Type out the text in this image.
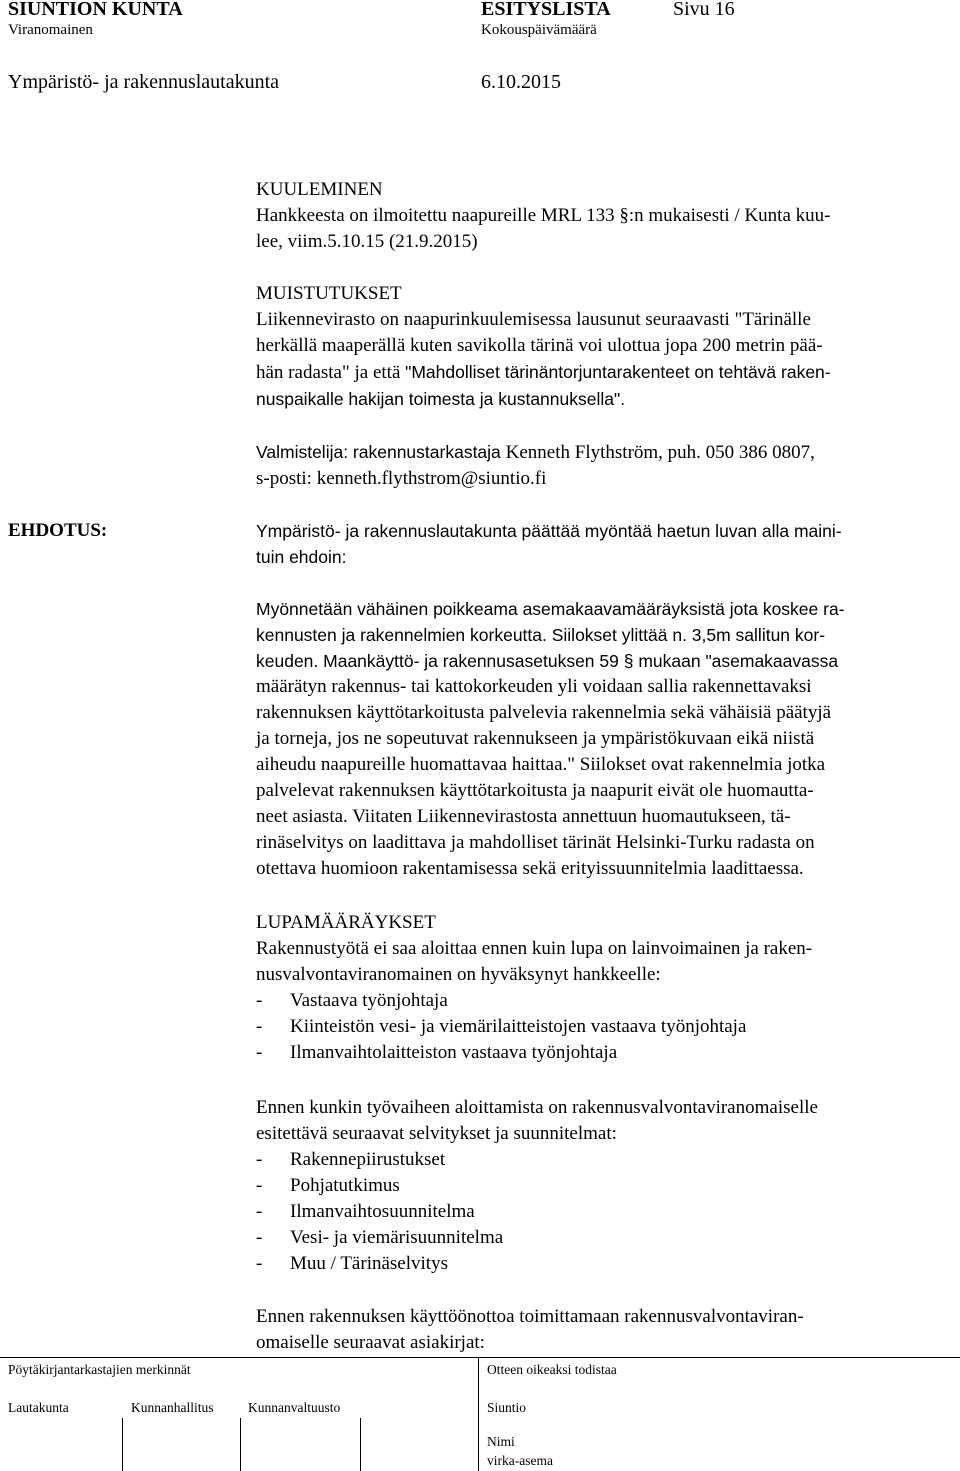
SIUNTION KUNTA	ESITYSLISTA	Sivu 16
Viranomainen	Kokouspäivämäärä
Ympäristö- ja rakennuslautakunta	6.10.2015
KUULEMINEN
Hankkeesta on ilmoitettu naapureille MRL 133 §:n mukaisesti / Kunta kuu-
lee, viim.5.10.15 (21.9.2015)
MUISTUTUKSET
Liikennevirasto on naapurinkuulemisessa lausunut seuraavasti "Tärinälle
herkällä maaperällä kuten savikolla tärinä voi ulottua jopa 200 metrin pää-
hän radasta" ja että "Mahdolliset tärinäntorjuntarakenteet on tehtävä raken-
nuspaikalle hakijan toimesta ja kustannuksella".
Valmistelija: rakennustarkastaja Kenneth Flythström, puh. 050 386 0807,
s-posti: kenneth.flythstrom@siuntio.fi
EHDOTUS:	Ympäristö- ja rakennuslautakunta päättää myöntää haetun luvan alla maini-
tuin ehdoin:
Myönnetään vähäinen poikkeama asemakaavamääräyksistä jota koskee ra-
kennusten ja rakennelmien korkeutta. Siilokset ylittää n. 3,5m sallitun kor-
keuden. Maankäyttö- ja rakennusasetuksen 59 § mukaan "asemakaavassa
määrätyn rakennus- tai kattokorkeuden yli voidaan sallia rakennettavaksi
rakennuksen käyttötarkoitusta palvelevia rakennelmia sekä vähäisiä päätyjä
ja torneja, jos ne sopeutuvat rakennukseen ja ympäristökuvaan eikä niistä
aiheudu naapureille huomattavaa haittaa." Siilokset ovat rakennelmia jotka
palvelevat rakennuksen käyttötarkoitusta ja naapurit eivät ole huomautta-
neet asiasta. Viitaten Liikennevirastosta annettuun huomautukseen, tä-
rinäselvitys on laadittava ja mahdolliset tärinät Helsinki-Turku radasta on
otettava huomioon rakentamisessa sekä erityissuunnitelmia laadittaessa.
LUPAMÄÄRÄYKSET
Rakennustyötä ei saa aloittaa ennen kuin lupa on lainvoimainen ja raken-
nusvalvontaviranomainen on hyväksynyt hankkeelle:
- Vastaava työnjohtaja
- Kiinteistön vesi- ja viemärilaitteistojen vastaava työnjohtaja
- Ilmanvaihtolaitteiston vastaava työnjohtaja
Ennen kunkin työvaiheen aloittamista on rakennusvalvontaviranomaiselle
esitettävä seuraavat selvitykset ja suunnitelmat:
- Rakennepiirustukset
- Pohjatutkimus
- Ilmanvaihtosuunnitelma
- Vesi- ja viemärisuunnitelma
- Muu / Tärinäselvitys
Ennen rakennuksen käyttöönottoa toimittamaan rakennusvalvontaviran-
omaiselle seuraavat asiakirjat:
Pöytäkirjantarkastajien merkinnät	Otteen oikeaksi todistaa
Lautakunta	Kunnanhallitus	Kunnanvaltuusto	Siuntio
Nimi
virka-asema
